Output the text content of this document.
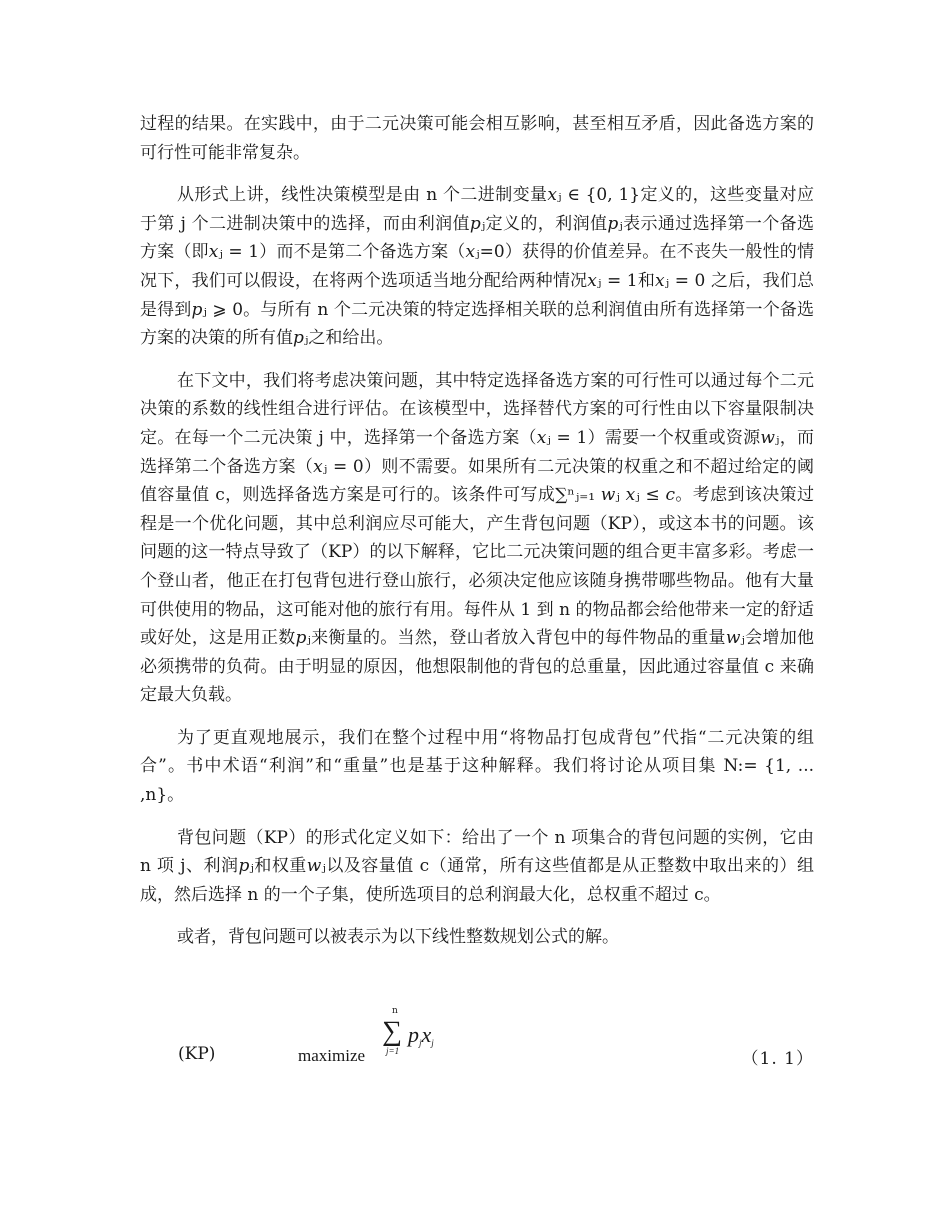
过程的结果。在实践中，由于二元决策可能会相互影响，甚至相互矛盾，因此备选方案的可行性可能非常复杂。

从形式上讲，线性决策模型是由 n 个二进制变量𝑥ⱼ ∈ {0, 1}定义的，这些变量对应于第 j 个二进制决策中的选择，而由利润值𝑝ⱼ定义的，利润值𝑝ⱼ表示通过选择第一个备选方案（即𝑥ⱼ = 1）而不是第二个备选方案（𝑥ⱼ=0）获得的价值差异。在不丧失一般性的情况下，我们可以假设，在将两个选项适当地分配给两种情况𝑥ⱼ = 1和𝑥ⱼ = 0 之后，我们总是得到𝑝ⱼ ⩾ 0。与所有 n 个二元决策的特定选择相关联的总利润值由所有选择第一个备选方案的决策的所有值𝑝ⱼ之和给出。

在下文中，我们将考虑决策问题，其中特定选择备选方案的可行性可以通过每个二元决策的系数的线性组合进行评估。在该模型中，选择替代方案的可行性由以下容量限制决定。在每一个二元决策 j 中，选择第一个备选方案（𝑥ⱼ = 1）需要一个权重或资源𝑤ⱼ，而选择第二个备选方案（𝑥ⱼ = 0）则不需要。如果所有二元决策的权重之和不超过给定的阈值容量值 c，则选择备选方案是可行的。该条件可写成∑ⁿⱼ₌₁ 𝑤ⱼ 𝑥ⱼ ≤ 𝑐。考虑到该决策过程是一个优化问题，其中总利润应尽可能大，产生背包问题（KP），或这本书的问题。该问题的这一特点导致了（KP）的以下解释，它比二元决策问题的组合更丰富多彩。考虑一个登山者，他正在打包背包进行登山旅行，必须决定他应该随身携带哪些物品。他有大量可供使用的物品，这可能对他的旅行有用。每件从 1 到 n 的物品都会给他带来一定的舒适或好处，这是用正数𝑝ⱼ来衡量的。当然，登山者放入背包中的每件物品的重量𝑤ⱼ会增加他必须携带的负荷。由于明显的原因，他想限制他的背包的总重量，因此通过容量值 c 来确定最大负载。

为了更直观地展示，我们在整个过程中用“将物品打包成背包”代指“二元决策的组合”。书中术语“利润”和“重量”也是基于这种解释。我们将讨论从项目集 N:= {1, ... ,n}。

背包问题（KP）的形式化定义如下：给出了一个 n 项集合的背包问题的实例，它由 n 项 j、利润𝑝ⱼ和权重𝑤ⱼ以及容量值 c（通常，所有这些值都是从正整数中取出来的）组成，然后选择 n 的一个子集，使所选项目的总利润最大化，总权重不超过 c。

或者，背包问题可以被表示为以下线性整数规划公式的解。

(KP)	maximize
n
∑
j=1
$p_jx_j$
（1. 1）
